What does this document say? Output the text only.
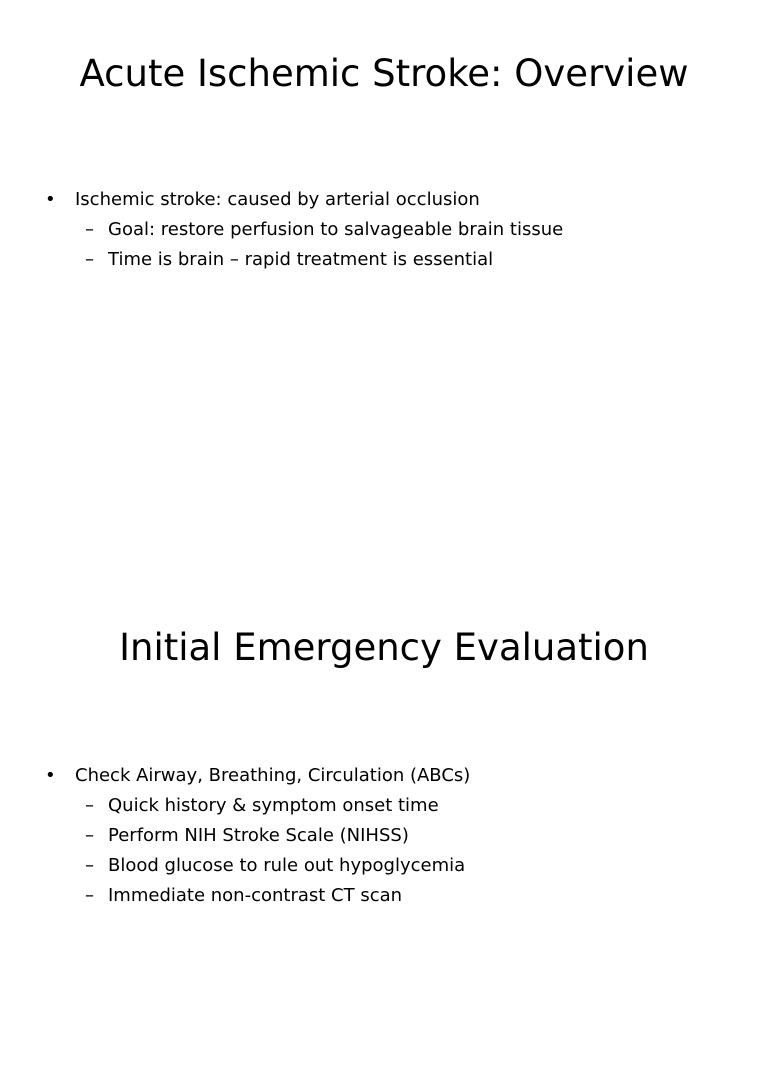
Acute Ischemic Stroke: Overview
• Ischemic stroke: caused by arterial occlusion
– Goal: restore perfusion to salvageable brain tissue
– Time is brain – rapid treatment is essential
Initial Emergency Evaluation
• Check Airway, Breathing, Circulation (ABCs)
– Quick history & symptom onset time
– Perform NIH Stroke Scale (NIHSS)
– Blood glucose to rule out hypoglycemia
– Immediate non-contrast CT scan
